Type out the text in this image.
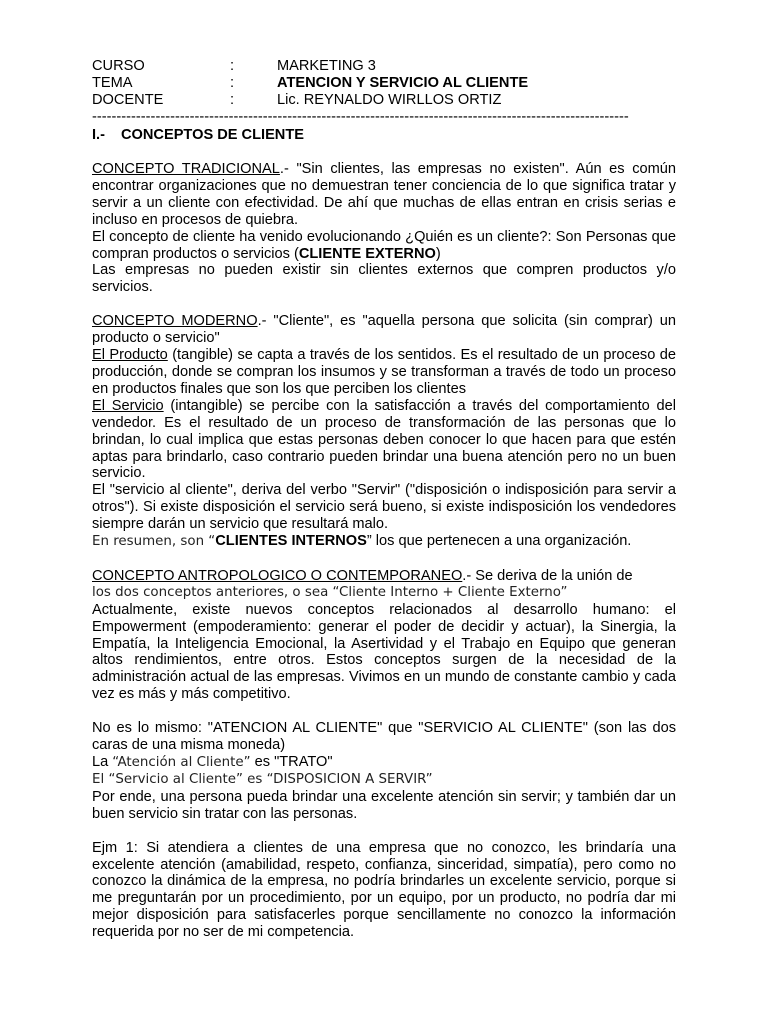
CURSO	:	MARKETING 3
TEMA	:	ATENCION Y SERVICIO AL CLIENTE
DOCENTE	:	Lic. REYNALDO WIRLLOS ORTIZ
--------------------------------------------------------------------------------------------------------------
I.- CONCEPTOS DE CLIENTE

CONCEPTO TRADICIONAL.- "Sin clientes, las empresas no existen". Aún es común encontrar organizaciones que no demuestran tener conciencia de lo que significa tratar y servir a un cliente con efectividad. De ahí que muchas de ellas entran en crisis serias e incluso en procesos de quiebra.

El concepto de cliente ha venido evolucionando ¿Quién es un cliente?: Son Personas que compran productos o servicios (CLIENTE EXTERNO)

Las empresas no pueden existir sin clientes externos que compren productos y/o servicios.

CONCEPTO MODERNO.- "Cliente", es "aquella persona que solicita (sin comprar) un producto o servicio"

El Producto (tangible) se capta a través de los sentidos. Es el resultado de un proceso de producción, donde se compran los insumos y se transforman a través de todo un proceso en productos finales que son los que perciben los clientes

El Servicio (intangible) se percibe con la satisfacción a través del comportamiento del vendedor. Es el resultado de un proceso de transformación de las personas que lo brindan, lo cual implica que estas personas deben conocer lo que hacen para que estén aptas para brindarlo, caso contrario pueden brindar una buena atención pero no un buen servicio.

El "servicio al cliente", deriva del verbo "Servir" ("disposición o indisposición para servir a otros"). Si existe disposición el servicio será bueno, si existe indisposición los vendedores siempre darán un servicio que resultará malo.

En resumen, son “CLIENTES INTERNOS” los que pertenecen a una organización.

CONCEPTO ANTROPOLOGICO O CONTEMPORANEO.- Se deriva de la unión de

los dos conceptos anteriores, o sea “Cliente Interno + Cliente Externo”

Actualmente, existe nuevos conceptos relacionados al desarrollo humano: el Empowerment (empoderamiento: generar el poder de decidir y actuar), la Sinergia, la Empatía, la Inteligencia Emocional, la Asertividad y el Trabajo en Equipo que generan altos rendimientos, entre otros. Estos conceptos surgen de la necesidad de la administración actual de las empresas. Vivimos en un mundo de constante cambio y cada vez es más y más competitivo.

No es lo mismo: "ATENCION AL CLIENTE" que "SERVICIO AL CLIENTE" (son las dos caras de una misma moneda)

La “Atención al Cliente” es "TRATO"

El “Servicio al Cliente” es “DISPOSICION A SERVIR”

Por ende, una persona pueda brindar una excelente atención sin servir; y también dar un buen servicio sin tratar con las personas.

Ejm 1: Si atendiera a clientes de una empresa que no conozco, les brindaría una excelente atención (amabilidad, respeto, confianza, sinceridad, simpatía), pero como no conozco la dinámica de la empresa, no podría brindarles un excelente servicio, porque si me preguntarán por un procedimiento, por un equipo, por un producto, no podría dar mi mejor disposición para satisfacerles porque sencillamente no conozco la información requerida por no ser de mi competencia.
